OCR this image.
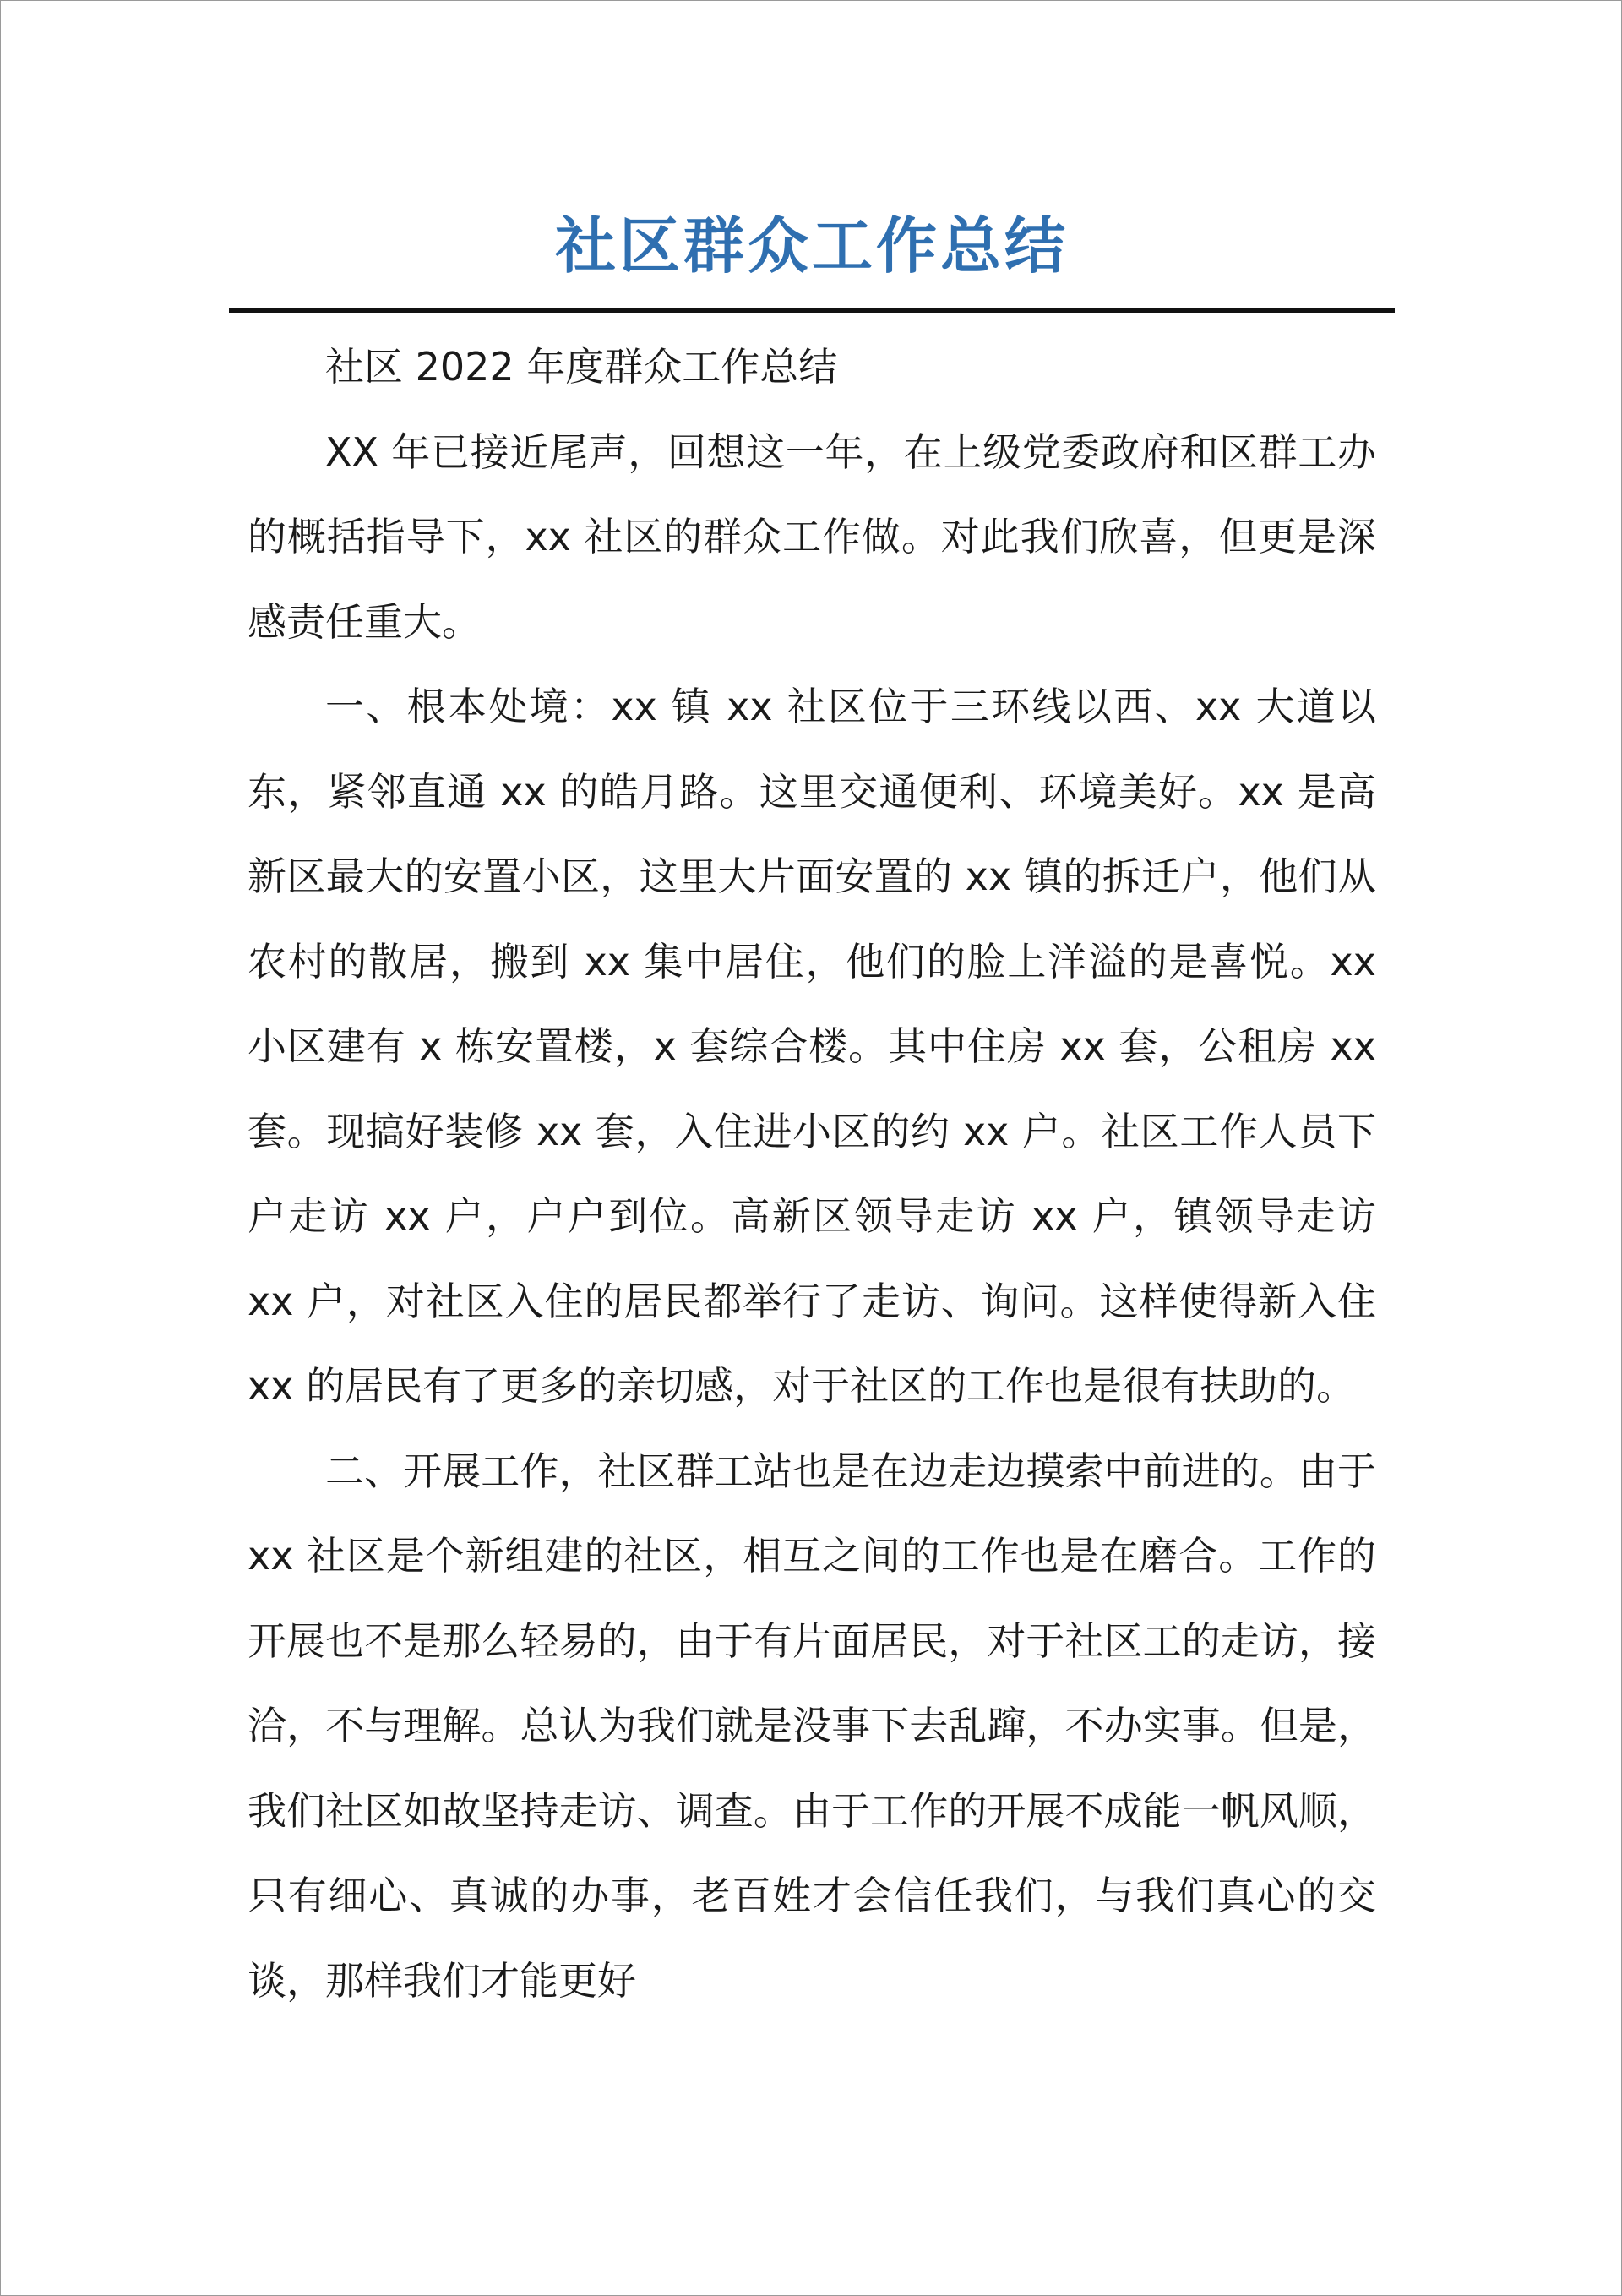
社区群众工作总结

社区 2022 年度群众工作总结

XX 年已接近尾声，回想这一年，在上级党委政府和区群工办的概括指导下，xx 社区的群众工作做。对此我们欣喜，但更是深感责任重大。

一、根本处境：xx 镇 xx 社区位于三环线以西、xx 大道以东，紧邻直通 xx 的皓月路。这里交通便利、环境美好。xx 是高新区最大的安置小区，这里大片面安置的 xx 镇的拆迁户，他们从农村的散居，搬到 xx 集中居住，他们的脸上洋溢的是喜悦。xx 小区建有 x 栋安置楼，x 套综合楼。其中住房 xx 套，公租房 xx 套。现搞好装修 xx 套，入住进小区的约 xx 户。社区工作人员下户走访 xx 户，户户到位。高新区领导走访 xx 户，镇领导走访 xx 户，对社区入住的居民都举行了走访、询问。这样使得新入住 xx 的居民有了更多的亲切感，对于社区的工作也是很有扶助的。

二、开展工作，社区群工站也是在边走边摸索中前进的。由于 xx 社区是个新组建的社区，相互之间的工作也是在磨合。工作的开展也不是那么轻易的，由于有片面居民，对于社区工的走访，接洽，不与理解。总认为我们就是没事下去乱蹿，不办实事。但是，我们社区如故坚持走访、调查。由于工作的开展不成能一帆风顺，只有细心、真诚的办事，老百姓才会信任我们，与我们真心的交谈，那样我们才能更好
